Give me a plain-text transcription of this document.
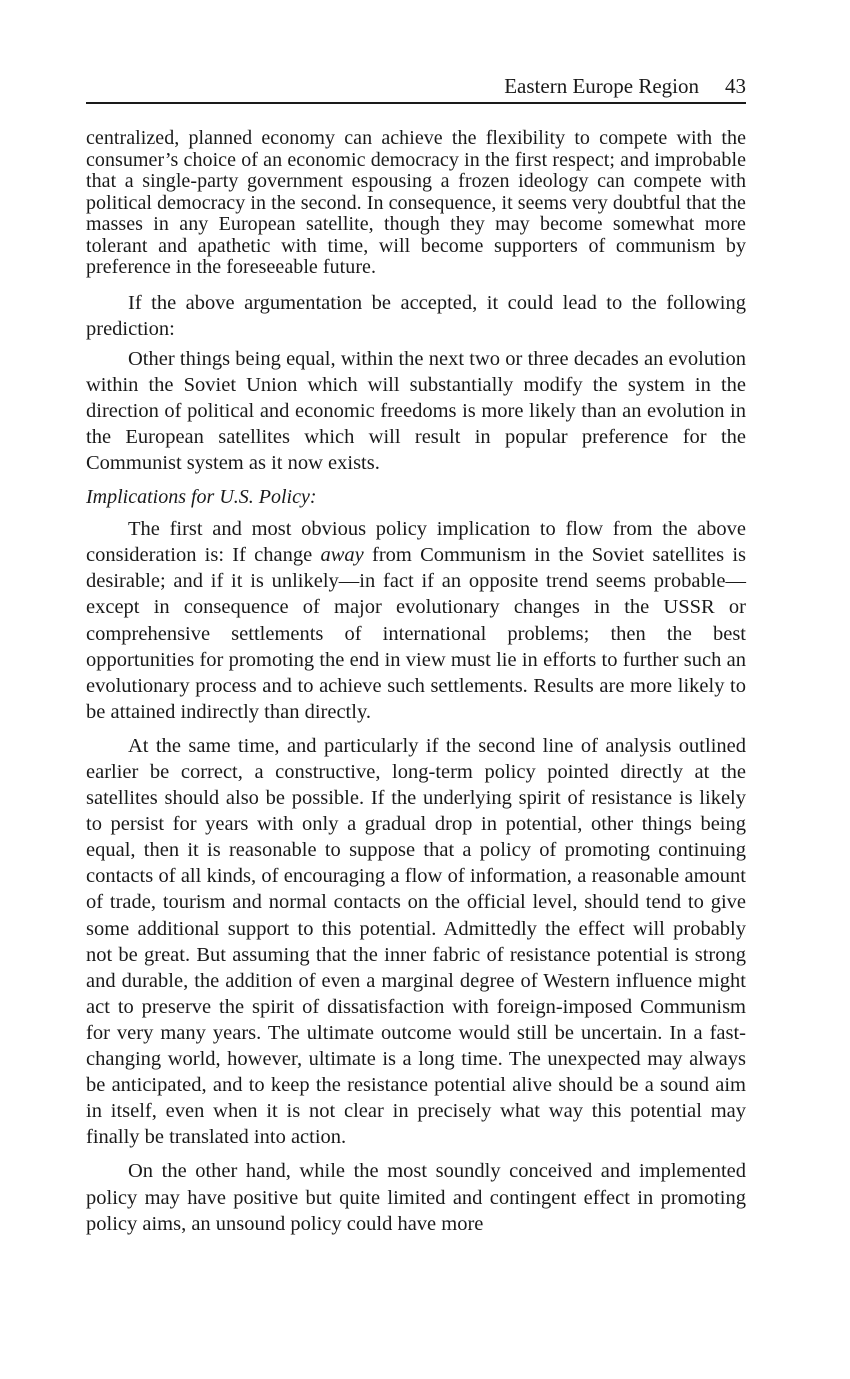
Eastern Europe Region 43

centralized, planned economy can achieve the flexibility to compete with the consumer’s choice of an economic democracy in the first respect; and improbable that a single-party government espousing a frozen ideology can compete with political democracy in the second. In consequence, it seems very doubtful that the masses in any European satellite, though they may become somewhat more tolerant and apathetic with time, will become supporters of communism by preference in the foreseeable future.

If the above argumentation be accepted, it could lead to the following prediction:

Other things being equal, within the next two or three decades an evolution within the Soviet Union which will substantially modify the system in the direction of political and economic freedoms is more likely than an evolution in the European satellites which will result in popular preference for the Communist system as it now exists.

Implications for U.S. Policy:

The first and most obvious policy implication to flow from the above consideration is: If change away from Communism in the Soviet satellites is desirable; and if it is unlikely—in fact if an opposite trend seems probable—except in consequence of major evolutionary changes in the USSR or comprehensive settlements of international problems; then the best opportunities for promoting the end in view must lie in efforts to further such an evolutionary process and to achieve such settlements. Results are more likely to be attained indirectly than directly.

At the same time, and particularly if the second line of analysis outlined earlier be correct, a constructive, long-term policy pointed directly at the satellites should also be possible. If the underlying spirit of resistance is likely to persist for years with only a gradual drop in potential, other things being equal, then it is reasonable to suppose that a policy of promoting continuing contacts of all kinds, of encouraging a flow of information, a reasonable amount of trade, tourism and normal contacts on the official level, should tend to give some additional support to this potential. Admittedly the effect will probably not be great. But assuming that the inner fabric of resistance potential is strong and durable, the addition of even a marginal degree of Western influence might act to preserve the spirit of dissatisfaction with foreign-imposed Communism for very many years. The ultimate outcome would still be uncertain. In a fast-changing world, however, ultimate is a long time. The unexpected may always be anticipated, and to keep the resistance potential alive should be a sound aim in itself, even when it is not clear in precisely what way this potential may finally be translated into action.

On the other hand, while the most soundly conceived and implemented policy may have positive but quite limited and contingent effect in promoting policy aims, an unsound policy could have more
